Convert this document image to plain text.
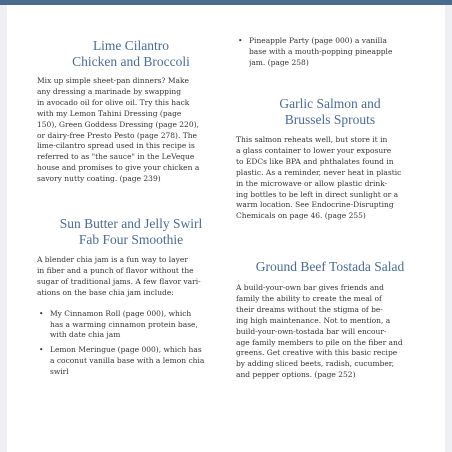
Lime Cilantro
Chicken and Broccoli

Mix up simple sheet-pan dinners? Make
any dressing a marinade by swapping
in avocado oil for olive oil. Try this hack
with my Lemon Tahini Dressing (page
150), Green Goddess Dressing (page 220),
or dairy-free Presto Pesto (page 278). The
lime-cilantro spread used in this recipe is
referred to as "the sauce" in the LeVeque
house and promises to give your chicken a
savory nutty coating. (page 239)

Sun Butter and Jelly Swirl
Fab Four Smoothie

A blender chia jam is a fun way to layer
in fiber and a punch of flavor without the
sugar of traditional jams. A few flavor vari-
ations on the base chia jam include:

• My Cinnamon Roll (page 000), which
has a warming cinnamon protein base,
with date chia jam
• Lemon Meringue (page 000), which has
a coconut vanilla base with a lemon chia
swirl
• Pineapple Party (page 000) a vanilla
base with a mouth-popping pineapple
jam. (page 258)
Garlic Salmon and
Brussels Sprouts

This salmon reheats well, but store it in
a glass container to lower your exposure
to EDCs like BPA and phthalates found in
plastic. As a reminder, never heat in plastic
in the microwave or allow plastic drink-
ing bottles to be left in direct sunlight or a
warm location. See Endocrine-Disrupting
Chemicals on page 46. (page 255)

Ground Beef Tostada Salad

A build-your-own bar gives friends and
family the ability to create the meal of
their dreams without the stigma of be-
ing high maintenance. Not to mention, a
build-your-own-tostada bar will encour-
age family members to pile on the fiber and
greens. Get creative with this basic recipe
by adding sliced beets, radish, cucumber,
and pepper options. (page 252)
